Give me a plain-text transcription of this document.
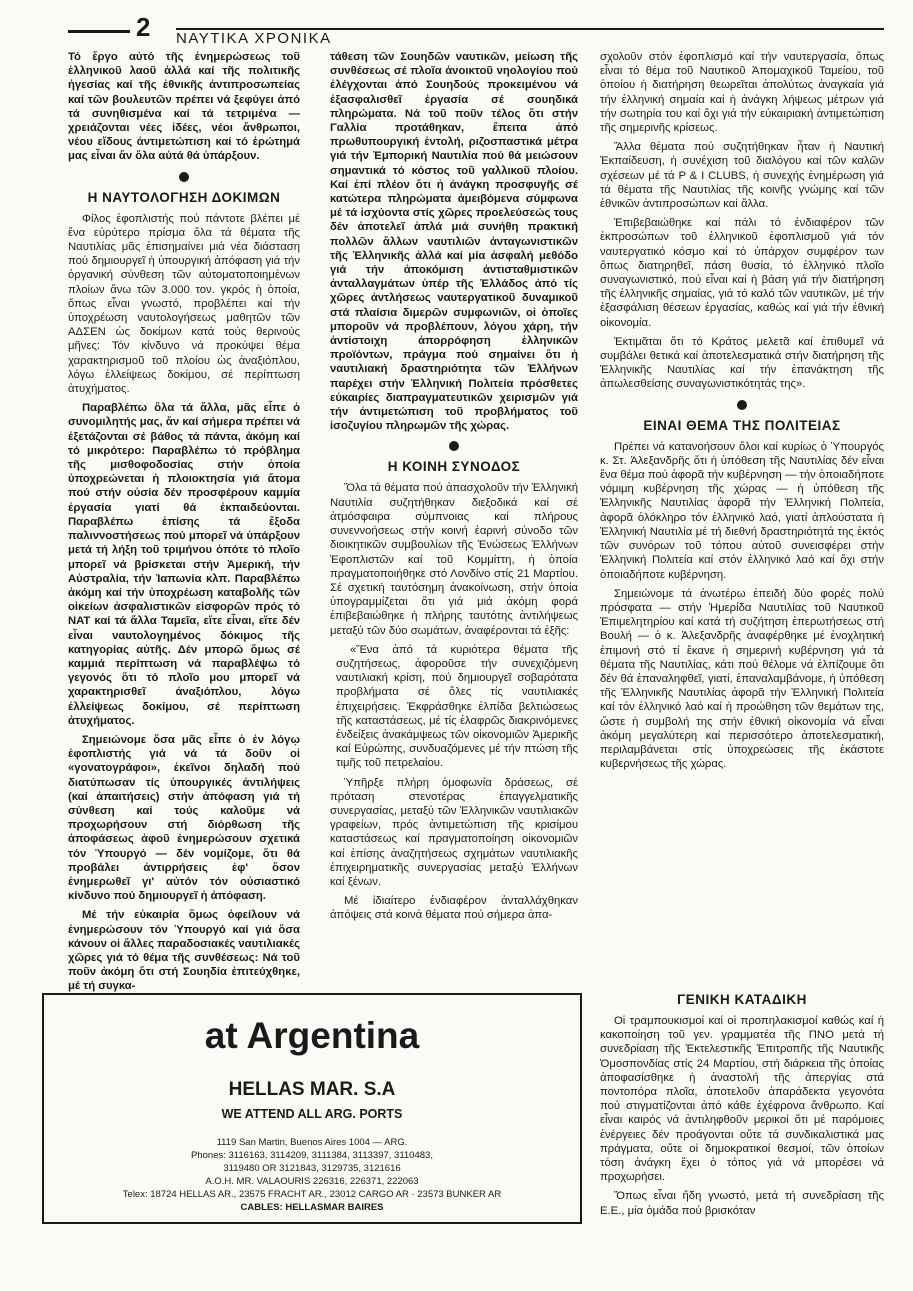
2 ΝΑΥΤΙΚΑ ΧΡΟΝΙΚΑ

Τό ἔργο αὐτό τῆς ἐνημερώσεως τοῦ ἑλληνικοῦ λαοῦ ἀλλά καί τῆς πολιτικῆς ἡγεσίας καί τῆς ἐθνικῆς ἀντιπροσωπείας καί τῶν βουλευτῶν πρέπει νά ξεφύγει ἀπό τά συνηθισμένα καί τά τετριμένα — χρειάζονται νέες ἰδέες, νέοι ἄνθρωποι, νέου εἴδους ἀντιμετώπιση καί τό ἐρώτημά μας εἶναι ἄν ὅλα αὐτά θά ὑπάρξουν.

Η ΝΑΥΤΟΛΟΓΗΣΗ ΔΟΚΙΜΩΝ

Φίλος ἐφοπλιστής πού πάντοτε βλέπει μέ ἕνα εὐρύτερο πρίσμα ὅλα τά θέματα τῆς Ναυτιλίας μᾶς ἐπισημαίνει μιά νέα διάσταση πού δημιουργεῖ ἡ ὑπουργική ἀπόφαση γιά τήν ὀργανική σύνθεση τῶν αὐτοματοποιημένων πλοίων ἄνω τῶν 3.000 τον. γκρός ἡ ὁποία, ὅπως εἶναι γνωστό, προβλέπει καί τήν ὑποχρέωση ναυτολογήσεως μαθητῶν τῶν ΑΔΣΕΝ ὡς δοκίμων κατά τούς θερινούς μῆνες: Τόν κίνδυνο νά προκύψει θέμα χαρακτηρισμοῦ τοῦ πλοίου ὡς ἀναξιόπλου, λόγω ἐλλείψεως δοκίμου, σέ περίπτωση ἀτυχήματος.

Παραβλέπω ὅλα τά ἄλλα, μᾶς εἶπε ὁ συνομιλητής μας, ἄν καί σήμερα πρέπει νά ἐξετάζονται σέ βάθος τά πάντα, ἀκόμη καί τό μικρότερο: Παραβλέπω τό πρόβλημα τῆς μισθοφοδοσίας στήν ὁποία ὑποχρεώνεται ἡ πλοιοκτησία γιά ἄτομα πού στήν οὐσία δέν προσφέρουν καμμία ἐργασία γιατί θά ἐκπαιδεύονται. Παραβλέπω ἐπίσης τά ἔξοδα παλιννοστήσεως πού μπορεῖ νά ὑπάρξουν μετά τή λήξη τοῦ τριμήνου ὁπότε τό πλοῖο μπορεῖ νά βρίσκεται στήν Ἀμερική, τήν Αὐστραλία, τήν Ἰαπωνία κλπ. Παραβλέπω ἀκόμη καί τήν ὑποχρέωση καταβολῆς τῶν οἰκείων ἀσφαλιστικῶν εἰσφορῶν πρός τό ΝΑΤ καί τά ἄλλα Ταμεῖα, εἴτε εἶναι, εἴτε δέν εἶναι ναυτολογημένος δόκιμος τῆς κατηγορίας αὐτῆς. Δέν μπορῶ ὅμως σέ καμμιά περίπτωση νά παραβλέψω τό γεγονός ὅτι τό πλοῖο μου μπορεῖ νά χαρακτηρισθεῖ ἀναξιόπλου, λόγω ἐλλείψεως δοκίμου, σέ περίπτωση ἀτυχήματος.

Σημειώνομε ὅσα μᾶς εἶπε ὁ ἐν λόγῳ ἐφοπλιστής γιά νά τά δοῦν οἱ «γονατογράφοι», ἐκεῖνοι δηλαδή πού διατύπωσαν τίς ὑπουργικές ἀντιλήψεις (καί ἀπαιτήσεις) στήν ἀπόφαση γιά τή σύνθεση καί τούς καλοῦμε νά προχωρήσουν στή διόρθωση τῆς ἀποφάσεως ἀφοῦ ἐνημερώσουν σχετικά τόν Ὑπουργό — δέν νομίζομε, ὅτι θά προβάλει ἀντιρρήσεις ἐφ' ὅσον ἐνημερωθεῖ γι' αὐτόν τόν οὐσιαστικό κίνδυνο πού δημιουργεῖ ἡ ἀπόφαση.

Μέ τήν εὐκαιρία ὅμως ὀφείλουν νά ἐνημερώσουν τόν Ὑπουργό καί γιά ὅσα κάνουν οἱ ἄλλες παραδοσιακές ναυτιλιακές χῶρες γιά τό θέμα τῆς συνθέσεως: Νά τοῦ ποῦν ἀκόμη ὅτι στή Σουηδία ἐπιτεύχθηκε, μέ τή συγκα-

τάθεση τῶν Σουηδῶν ναυτικῶν, μείωση τῆς συνθέσεως σέ πλοῖα ἀνοικτοῦ νηολογίου πού ἐλέγχονται ἀπό Σουηδούς προκειμένου νά ἐξασφαλισθεῖ ἐργασία σέ σουηδικά πληρώματα. Νά τοῦ ποῦν τέλος ὅτι στήν Γαλλία προτάθηκαν, ἔπειτα ἀπό πρωθυπουργική ἐντολή, ριζοσπαστικά μέτρα γιά τήν Ἐμπορική Ναυτιλία πού θά μειώσουν σημαντικά τό κόστος τοῦ γαλλικοῦ πλοίου. Καί ἐπί πλέον ὅτι ἡ ἀνάγκη προσφυγῆς σέ κατώτερα πληρώματα ἀμειβόμενα σύμφωνα μέ τά ἰσχύοντα στίς χῶρες προελεύσεώς τους δέν ἀποτελεῖ ἁπλά μιά συνήθη πρακτική πολλῶν ἄλλων ναυτιλιῶν ἀνταγωνιστικῶν τῆς Ἑλληνικῆς ἀλλά καί μία ἀσφαλή μεθόδο γιά τήν ἀποκόμιση ἀντισταθμιστικῶν ἀνταλλαγμάτων ὑπέρ τῆς Ἑλλάδος ἀπό τίς χῶρες ἀντλήσεως ναυτεργατικοῦ δυναμικοῦ στά πλαίσια διμερῶν συμφωνιῶν, οἱ ὁποῖες μποροῦν νά προβλέπουν, λόγου χάρη, τήν ἀντίστοιχη ἀπορρόφηση ἑλληνικῶν προϊόντων, πράγμα πού σημαίνει ὅτι ἡ ναυτιλιακή δραστηριότητα τῶν Ἑλλήνων παρέχει στήν Ἑλληνική Πολιτεία πρόσθετες εὐκαιρίες διαπραγματευτικῶν χειρισμῶν γιά τήν ἀντιμετώπιση τοῦ προβλήματος τοῦ ἰσοζυγίου πληρωμῶν τῆς χώρας.

Η ΚΟΙΝΗ ΣΥΝΟΔΟΣ

Ὅλα τά θέματα πού ἀπασχολοῦν τήν Ἑλληνική Ναυτιλία συζητήθηκαν διεξοδικά καί σέ ἀτμόσφαιρα σύμπνοιας καί πλήρους συνεννοήσεως στήν κοινή ἐαρινή σύνοδο τῶν διοικητικῶν συμβουλίων τῆς Ἑνώσεως Ἑλλήνων Ἐφοπλιστῶν καί τοῦ Κομμίττη, ἡ ὁποία πραγματοποιήθηκε στό Λονδίνο στίς 21 Μαρτίου. Σέ σχετική ταυτόσημη ἀνακοίνωση, στήν ὁποία ὑπογραμμίζεται ὅτι γιά μιά ἀκόμη φορά ἐπιβεβαιώθηκε ἡ πλήρης ταυτότης ἀντιλήψεως μεταξύ τῶν δύο σωμάτων, ἀναφέρονται τά ἑξῆς:

«Ἕνα ἀπό τά κυριότερα θέματα τῆς συζητήσεως, ἀφοροῦσε τήν συνεχιζόμενη ναυτιλιακή κρίση, πού δημιουργεῖ σοβαρότατα προβλήματα σέ ὅλες τίς ναυτιλιακές ἐπιχειρήσεις. Ἐκφράσθηκε ἐλπίδα βελτιώσεως τῆς καταστάσεως, μέ τίς ἐλαφρῶς διακρινόμενες ἐνδείξεις ἀνακάμψεως τῶν οἰκονομιῶν Ἀμερικῆς καί Εὐρώπης, συνδυαζόμενες μέ τήν πτώση τῆς τιμῆς τοῦ πετρελαίου.

Ὑπῆρξε πλήρη ὁμοφωνία δράσεως, σέ πρόταση στενοτέρας ἐπαγγελματικῆς συνεργασίας, μεταξύ τῶν Ἑλληνικῶν ναυτιλιακῶν γραφείων, πρός ἀντιμετώπιση τῆς κρισίμου καταστάσεως καί πραγματοποίηση οἰκονομιῶν καί ἐπίσης ἀναζητήσεως σχημάτων ναυτιλιακῆς ἐπιχειρηματικῆς συνεργασίας μεταξύ Ἑλλήνων καί ξένων.

Μέ ἰδιαίτερο ἐνδιαφέρον ἀνταλλάχθηκαν ἀπόψεις στά κοινά θέματα πού σήμερα ἀπα-

σχολοῦν στόν ἐφοπλισμό καί τήν ναυτεργασία, ὅπως εἶναι τό θέμα τοῦ Ναυτικοῦ Ἀπομαχικοῦ Ταμείου, τοῦ ὁποίου ἡ διατήρηση θεωρεῖται ἀπολύτως ἀναγκαία γιά τήν ἑλληνική σημαία καί ἡ ἀνάγκη λήψεως μέτρων γιά τήν σωτηρία του καί ὄχι γιά τήν εὐκαιριακή ἀντιμετώπιση τῆς σημερινῆς κρίσεως.

Ἄλλα θέματα πού συζητήθηκαν ἦταν ἡ Ναυτική Ἐκπαίδευση, ἡ συνέχιση τοῦ διαλόγου καί τῶν καλῶν σχέσεων μέ τά P & I CLUBS, ἡ συνεχής ἐνημέρωση γιά τά θέματα τῆς Ναυτιλίας τῆς κοινῆς γνώμης καί τῶν ἐθνικῶν ἀντιπροσώπων καί ἄλλα.

Ἐπιβεβαιώθηκε καί πάλι τό ἐνδιαφέρον τῶν ἐκπροσώπων τοῦ ἑλληνικοῦ ἐφοπλισμοῦ γιά τόν ναυτεργατικό κόσμο καί τό ὑπάρχον συμφέρον των ὅπως διατηρηθεῖ, πάση θυσία, τό ἑλληνικό πλοῖο συναγωνιστικό, πού εἶναι καί ἡ βάση γιά τήν διατήρηση τῆς ἑλληνικῆς σημαίας, γιά τό καλό τῶν ναυτικῶν, μέ τήν ἐξασφάλιση θέσεων ἐργασίας, καθώς καί γιά τήν ἐθνική οἰκονομία.

Ἐκτιμᾶται ὅτι τό Κράτος μελετᾶ καί ἐπιθυμεῖ νά συμβάλει θετικά καί ἀποτελεσματικά στήν διατήρηση τῆς Ἑλληνικῆς Ναυτιλίας καί τήν ἐπανάκτηση τῆς ἀπωλεσθείσης συναγωνιστικότητάς της».

ΕΙΝΑΙ ΘΕΜΑ ΤΗΣ ΠΟΛΙΤΕΙΑΣ

Πρέπει νά κατανοήσουν ὅλοι καί κυρίως ὁ Ὑπουργός κ. Στ. Ἀλεξανδρῆς ὅτι ἡ ὑπόθεση τῆς Ναυτιλίας δέν εἶναι ἕνα θέμα πού ἀφορᾶ τήν κυβέρνηση — τήν ὁποιαδήποτε νόμιμη κυβέρνηση τῆς χώρας — ἡ ὑπόθεση τῆς Ἑλληνικῆς Ναυτιλίας ἀφορᾶ τήν Ἑλληνική Πολιτεία, ἀφορᾶ ὁλόκληρο τόν ἑλληνικό λαό, γιατί ἀπλούστατα ἡ Ἑλληνική Ναυτιλία μέ τή διεθνή δραστηριότητά της ἐκτός τῶν συνόρων τοῦ τόπου αὐτοῦ συνεισφέρει στήν Ἑλληνική Πολιτεία καί στόν ἑλληνικό λαό καί ὄχι στήν ὁποιαδήποτε κυβέρνηση.

Σημειώνομε τά ἀνωτέρω ἐπειδή δύο φορές πολύ πρόσφατα — στήν Ἡμερίδα Ναυτιλίας τοῦ Ναυτικοῦ Ἐπιμελητηρίου καί κατά τή συζήτηση ἐπερωτήσεως στή Βουλή — ὁ κ. Ἀλεξανδρῆς ἀναφέρθηκε μέ ἐνοχλητική ἐπιμονή στό τί ἔκανε ἡ σημερινή κυβέρνηση γιά τά θέματα τῆς Ναυτιλίας, κάτι πού θέλομε νά ἐλπίζουμε ὅτι δέν θά ἐπαναληφθεῖ, γιατί, ἐπαναλαμβάνομε, ἡ ὑπόθεση τῆς Ἑλληνικῆς Ναυτιλίας ἀφορᾶ τήν Ἑλληνική Πολιτεία καί τόν ἑλληνικό λαό καί ἡ προώθηση τῶν θεμάτων της, ὥστε ἡ συμβολή της στήν ἐθνική οἰκονομία νά εἶναι ἀκόμη μεγαλύτερη καί περισσότερο ἀποτελεσματική, περιλαμβάνεται στίς ὑποχρεώσεις τῆς ἑκάστοτε κυβερνήσεως τῆς χώρας.

ΓΕΝΙΚΗ ΚΑΤΑΔΙΚΗ

Οἱ τραμπουκισμοί καί οἱ προπηλακισμοί καθώς καί ἡ κακοποίηση τοῦ γεν. γραμματέα τῆς ΠΝΟ μετά τή συνεδρίαση τῆς Ἐκτελεστικῆς Ἐπιτροπῆς τῆς Ναυτικῆς Ὁμοσπονδίας στίς 24 Μαρτίου, στή διάρκεια τῆς ὁποίας ἀποφασίσθηκε ἡ ἀναστολή τῆς ἀπεργίας στά ποντοπόρα πλοῖα, ἀποτελοῦν ἀπαράδεκτα γεγονότα πού στιγματίζονται ἀπό κάθε ἐχέφρονα ἄνθρωπο. Καί εἶναι καιρός νά ἀντιληφθοῦν μερικοί ὅτι μέ παρόμοιες ἐνέργειες δέν προάγονται οὔτε τά συνδικαλιστικά μας πράγματα, οὔτε οἱ δημοκρατικοί θεσμοί, τῶν ὁποίων τόση ἀνάγκη ἔχει ὁ τόπος γιά νά μπορέσει νά προχωρήσει.

Ὅπως εἶναι ἤδη γνωστό, μετά τή συνεδρίαση τῆς Ε.Ε., μία ὁμάδα πού βρισκόταν

at Argentina
HELLAS MAR. S.A
WE ATTEND ALL ARG. PORTS
1119 San Martin, Buenos Aires 1004 — ARG.
Phones: 3116163, 3114209, 3111384, 3113397, 3110483,
3119480 OR 3121843, 3129735, 3121616
A.O.H. MR. VALAOURIS 226316, 226371, 222063
Telex: 18724 HELLAS AR., 23575 FRACHT AR., 23012 CARGO AR · 23573 BUNKER AR
CABLES: HELLASMAR BAIRES
